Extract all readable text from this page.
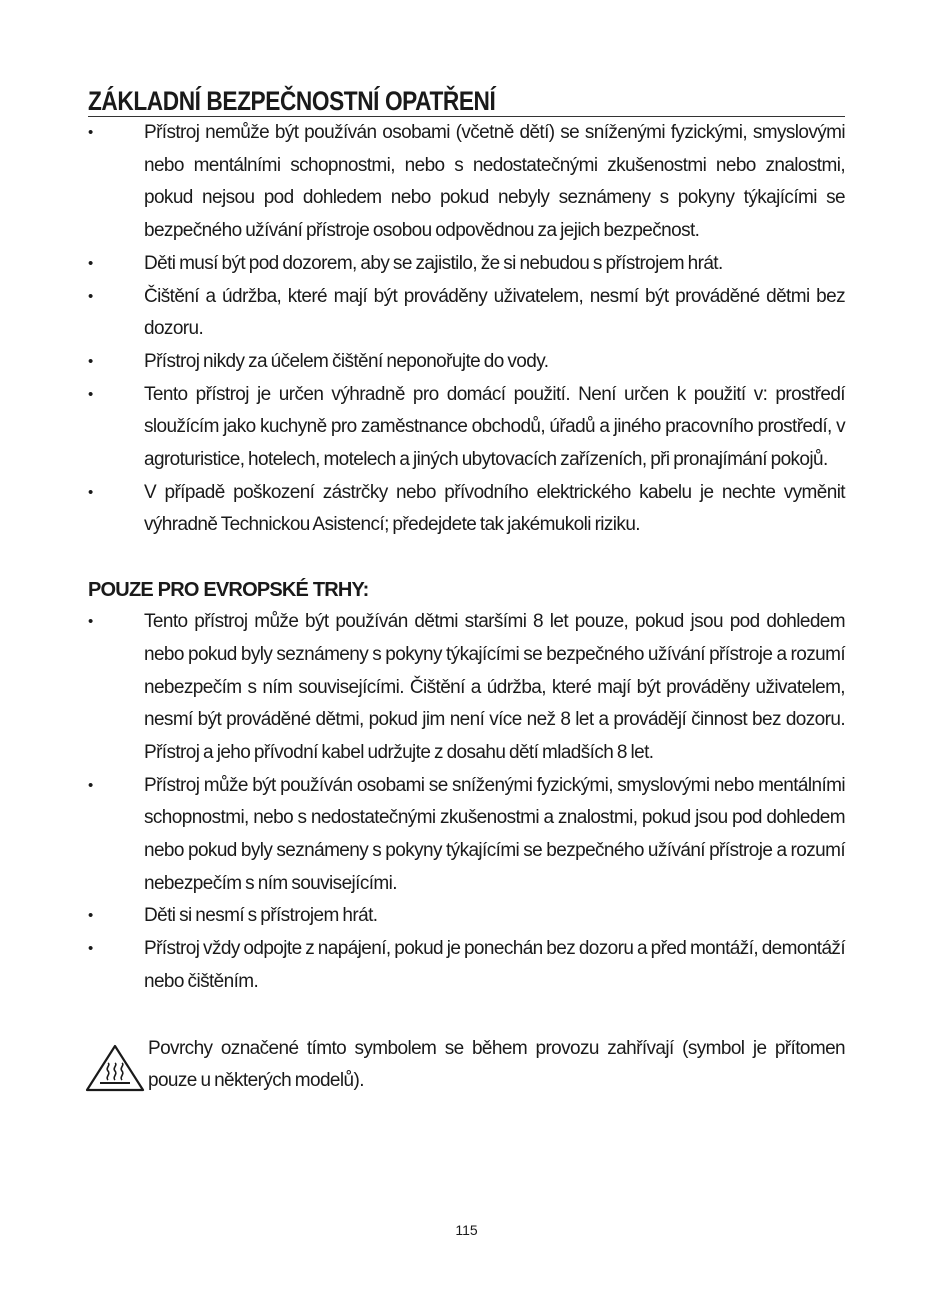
ZÁKLADNÍ BEZPEČNOSTNÍ OPATŘENÍ
•	Přístroj nemůže být používán osobami (včetně dětí) se sníženými fyzickými, smyslovými nebo mentálními schopnostmi, nebo s nedostatečnými zkušenostmi nebo znalostmi, pokud nejsou pod dohledem nebo pokud nebyly seznámeny s pokyny týkajícími se bezpečného užívání přístroje osobou odpovědnou za jejich bezpečnost.
•	Děti musí být pod dozorem, aby se zajistilo, že si nebudou s přístrojem hrát.
•	Čištění a údržba, které mají být prováděny uživatelem, nesmí být prováděné dětmi bez dozoru.
•	Přístroj nikdy za účelem čištění neponořujte do vody.
•	Tento přístroj je určen výhradně pro domácí použití. Není určen k použití v: prostředí sloužícím jako kuchyně pro zaměstnance obchodů, úřadů a jiného pracovního prostředí, v agroturistice, hotelech, motelech a jiných ubytovacích zařízeních, při pronajímání pokojů.
•	V případě poškození zástrčky nebo přívodního elektrického kabelu je nechte vyměnit výhradně Technickou Asistencí; předejdete tak jakémukoli riziku.
POUZE PRO EVROPSKÉ TRHY:
•	Tento přístroj může být používán dětmi staršími 8 let pouze, pokud jsou pod dohledem nebo pokud byly seznámeny s pokyny týkajícími se bezpečného užívání přístroje a rozumí nebezpečím s ním souvisejícími. Čištění a údržba, které mají být prováděny uživatelem, nesmí být prováděné dětmi, pokud jim není více než 8 let a provádějí činnost bez dozoru. Přístroj a jeho přívodní kabel udržujte z dosahu dětí mladších 8 let.
•	Přístroj může být používán osobami se sníženými fyzickými, smyslovými nebo mentálními schopnostmi, nebo s nedostatečnými zkušenostmi a znalostmi, pokud jsou pod dohledem nebo pokud byly seznámeny s pokyny týkajícími se bezpečného užívání přístroje a rozumí nebezpečím s ním souvisejícími.
•	Děti si nesmí s přístrojem hrát.
•	Přístroj vždy odpojte z napájení, pokud je ponechán bez dozoru a před montáží, demontáží nebo čištěním.
Povrchy označené tímto symbolem se během provozu zahřívají (symbol je přítomen pouze u některých modelů).
115
